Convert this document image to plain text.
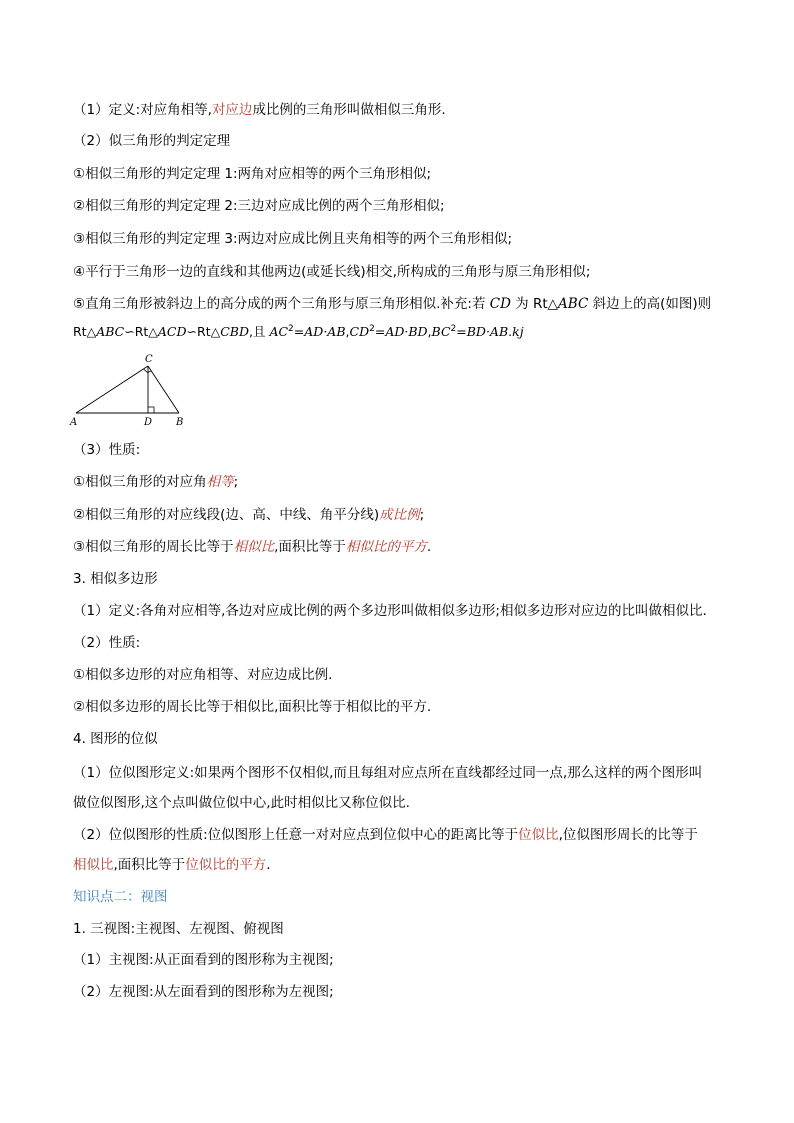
（1）定义:对应角相等,对应边成比例的三角形叫做相似三角形.
（2）似三角形的判定定理
①相似三角形的判定定理 1:两角对应相等的两个三角形相似;
②相似三角形的判定定理 2:三边对应成比例的两个三角形相似;
③相似三角形的判定定理 3:两边对应成比例且夹角相等的两个三角形相似;
④平行于三角形一边的直线和其他两边(或延长线)相交,所构成的三角形与原三角形相似;
⑤直角三角形被斜边上的高分成的两个三角形与原三角形相似.补充:若 CD 为 Rt△ABC 斜边上的高(如图)则
Rt△ABC∽Rt△ACD∽Rt△CBD,且 $AC^2=AD\cdot AB,CD^2=AD\cdot BD,BC^2=BD\cdot AB.kj$
A	D B
C
（3）性质:
①相似三角形的对应角相等;
②相似三角形的对应线段(边、高、中线、角平分线)成比例;
③相似三角形的周长比等于相似比,面积比等于相似比的平方.
3. 相似多边形
（1）定义:各角对应相等,各边对应成比例的两个多边形叫做相似多边形;相似多边形对应边的比叫做相似比.
（2）性质:
①相似多边形的对应角相等、对应边成比例.
②相似多边形的周长比等于相似比,面积比等于相似比的平方.
4. 图形的位似
（1）位似图形定义:如果两个图形不仅相似,而且每组对应点所在直线都经过同一点,那么这样的两个图形叫
做位似图形,这个点叫做位似中心,此时相似比又称位似比.
（2）位似图形的性质:位似图形上任意一对对应点到位似中心的距离比等于位似比,位似图形周长的比等于
相似比,面积比等于位似比的平方.
知识点二：视图
1. 三视图:主视图、左视图、俯视图
（1）主视图:从正面看到的图形称为主视图;
（2）左视图:从左面看到的图形称为左视图;
